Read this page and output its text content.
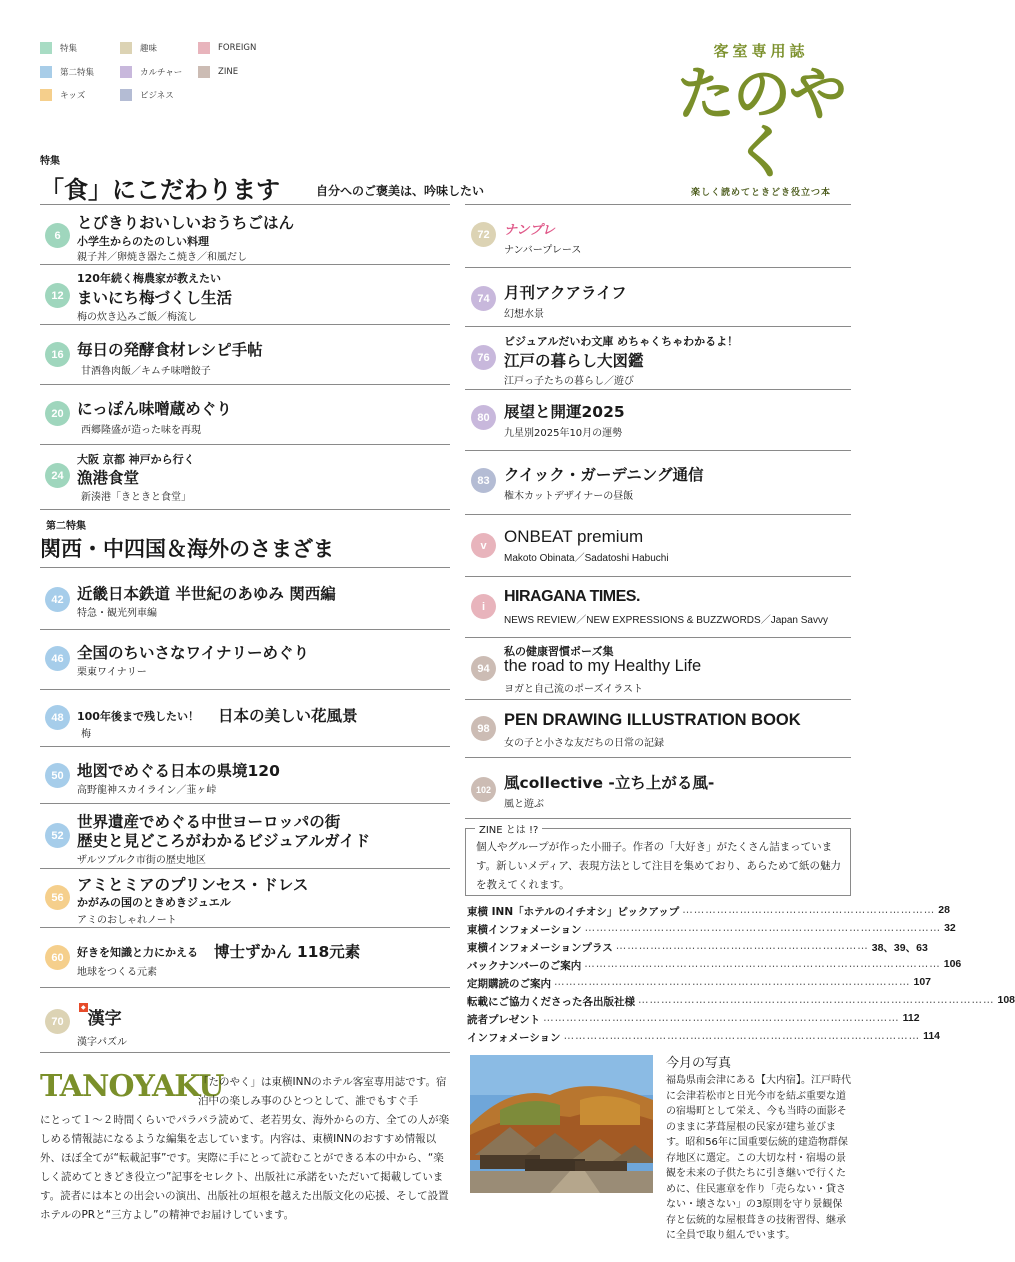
特集	趣味	FOREIGN
第二特集	カルチャー	ZINE
キッズ	ビジネス
客室専用誌
たのやく
楽しく読めてときどき役立つ本
特集
「食」にこだわります	自分へのご褒美は、吟味したい
6
とびきりおいしいおうちごはん
小学生からのたのしい料理
親子丼／卵焼き器たこ焼き／和風だし
12
120年続く梅農家が教えたい
まいにち梅づくし生活
梅の炊き込みご飯／梅流し
16 毎日の発酵食材レシピ手帖
甘酒魯肉飯／キムチ味噌餃子
20 にっぽん味噌蔵めぐり
西郷隆盛が造った味を再現
24
大阪 京都 神戸から行く
漁港食堂
新湊港「きときと食堂」
第二特集
関西・中四国＆海外のさまざま
42 近畿日本鉄道 半世紀のあゆみ 関西編
特急・観光列車編
46 全国のちいさなワイナリーめぐり
栗東ワイナリー
48	100年後まで残したい！ 日本の美しい花風景
梅
50 地図でめぐる日本の県境120
高野龍神スカイライン／韮ヶ峠
52
世界遺産でめぐる中世ヨーロッパの街
歴史と見どころがわかるビジュアルガイド
ザルツブルク市街の歴史地区
56
アミとミアのプリンセス・ドレス
かがみの国のときめきジュエル
アミのおしゃれノート
60	好きを知識と力にかえる 博士ずかん 118元素
地球をつくる元素
70
◆漢字
漢字パズル
72	ナンプレ
ナンバープレース
74 月刊アクアライフ
幻想水景
76
ビジュアルだいわ文庫 めちゃくちゃわかるよ！
江戸の暮らし大図鑑
江戸っ子たちの暮らし／遊び
80 展望と開運2025
九星別2025年10月の運勢
83 クイック・ガーデニング通信
権木カットデザイナーの昼飯
v	ONBEAT premium
Makoto Obinata／Sadatoshi Habuchi
i
HIRAGANA TIMES.
NEWS REVIEW／NEW EXPRESSIONS & BUZZWORDS／Japan Savvy
94
私の健康習慣ポーズ集
the road to my Healthy Life
ヨガと自己流のポーズイラスト
98 PEN DRAWING ILLUSTRATION BOOK
女の子と小さな友だちの日常の記録
102 風collective -立ち上がる風-
風と遊ぶ
ZINE とは !?
個人やグループが作った小冊子。作者の「大好き」がたくさん詰まっています。新しいメディア、表現方法として注目を集めており、あらためて紙の魅力を教えてくれます。
東横 INN「ホテルのイチオシ」ピックアップ ………………………………………………………… 28
東横インフォメーション ………………………………………………………………………………… 32
東横インフォメーションプラス ………………………………………………………… 38、39、63
バックナンバーのご案内 ………………………………………………………………………………… 106
定期購読のご案内 ………………………………………………………………………………… 107
転載にご協力くださった各出版社様 ………………………………………………………………………………… 108
読者プレゼント ………………………………………………………………………………… 112
インフォメーション ………………………………………………………………………………… 114
TANOYAKU
「たのやく」は東横INNのホテル客室専用誌です。宿泊中の楽しみ事のひとつとして、誰でもすぐ手
にとって１～２時間くらいでパラパラ読めて、老若男女、海外からの方、全ての人が楽しめる情報誌になるような編集を志しています。内容は、東横INNのおすすめ情報以外、ほぼ全てが“転載記事”です。実際に手にとって読むことができる本の中から、“楽しく読めてときどき役立つ”記事をセレクト、出版社に承諾をいただいて掲載しています。読者には本との出会いの演出、出版社の垣根を越えた出版文化の応援、そして設置ホテルのPRと“三方よし”の精神でお届けしています。
今月の写真
福島県南会津にある【大内宿】。江戸時代に会津若松市と日光今市を結ぶ重要な道の宿場町として栄え、今も当時の面影そのままに茅葺屋根の民家が建ち並びます。昭和56年に国重要伝統的建造物群保存地区に選定。この大切な村・宿場の景観を未来の子供たちに引き継いで行くために、住民憲章を作り「売らない・貸さない・壊さない」の3原則を守り景観保存と伝統的な屋根葺きの技術習得、継承に全員で取り組んでいます。
